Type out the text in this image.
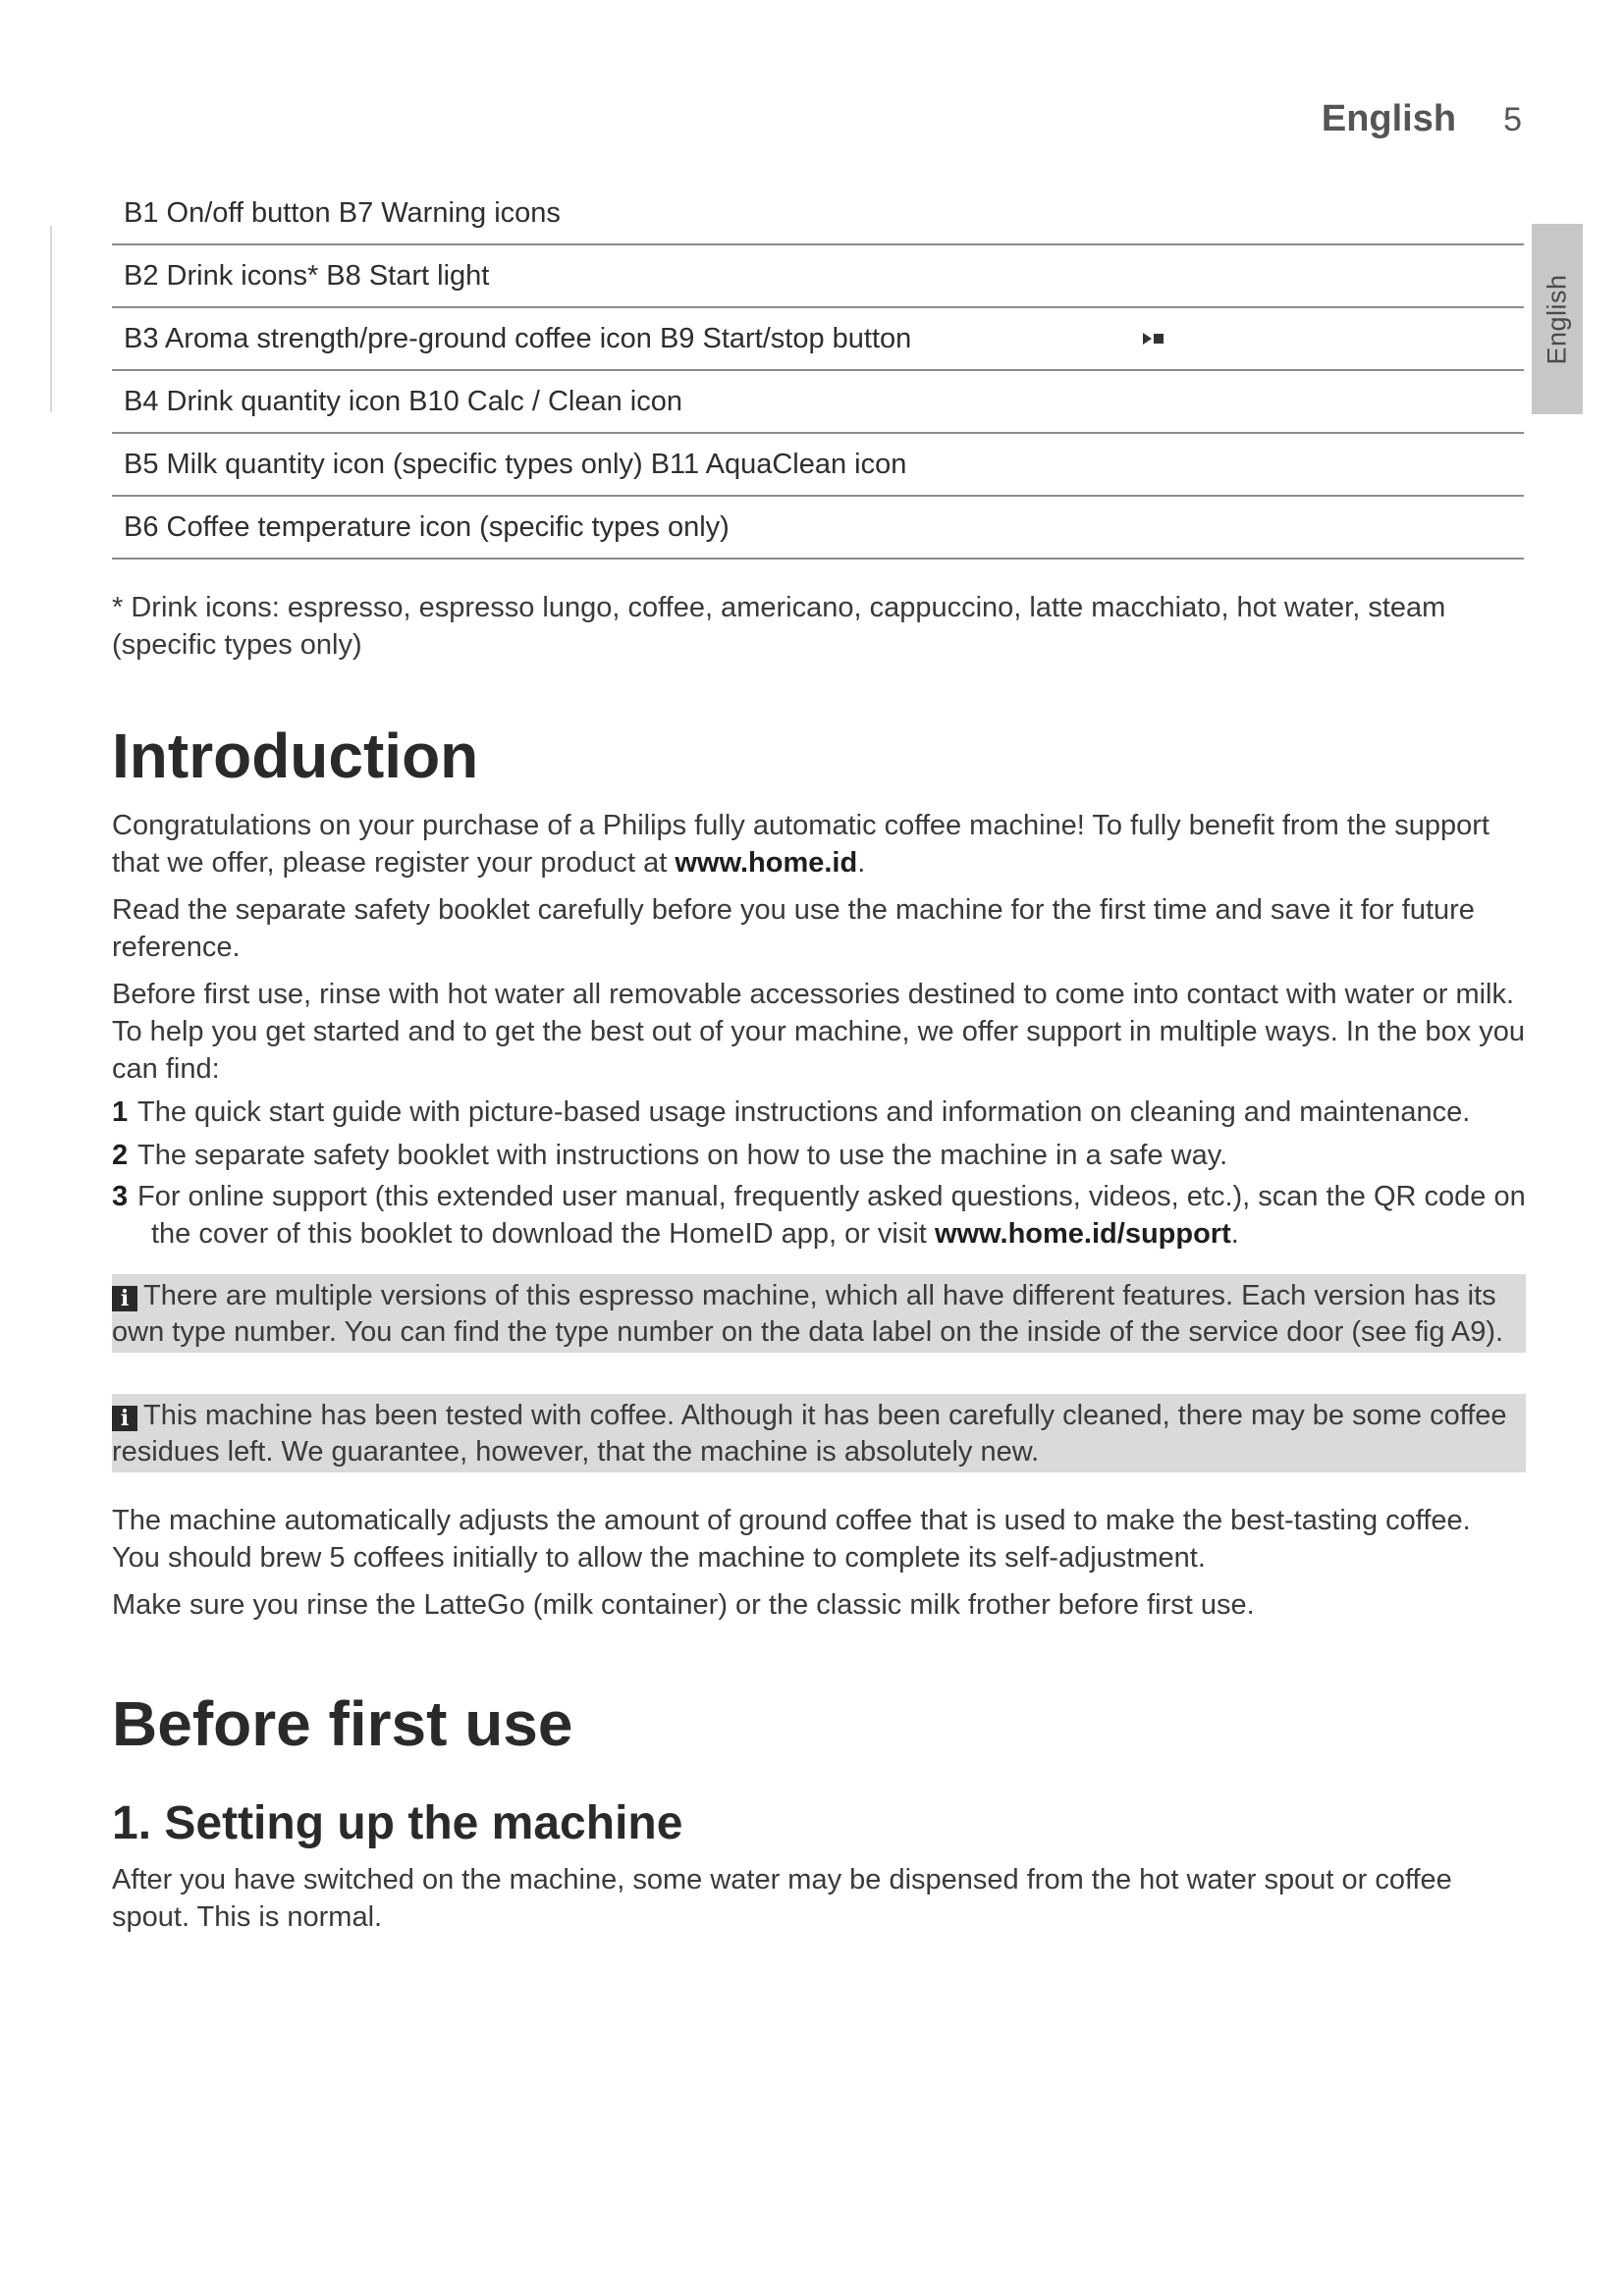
English 5
English
B1 On/off button B7 Warning icons
B2 Drink icons* B8 Start light
B3 Aroma strength/pre-ground coffee icon B9 Start/stop button
B4 Drink quantity icon B10 Calc / Clean icon
B5 Milk quantity icon (specific types only) B11 AquaClean icon
B6 Coffee temperature icon (specific types only)

* Drink icons: espresso, espresso lungo, coffee, americano, cappuccino, latte macchiato, hot water, steam (specific types only)

Introduction

Congratulations on your purchase of a Philips fully automatic coffee machine! To fully benefit from the support that we offer, please register your product at www.home.id.

Read the separate safety booklet carefully before you use the machine for the first time and save it for future reference.

Before first use, rinse with hot water all removable accessories destined to come into contact with water or milk. To help you get started and to get the best out of your machine, we offer support in multiple ways. In the box you can find:

1 The quick start guide with picture-based usage instructions and information on cleaning and maintenance.
2 The separate safety booklet with instructions on how to use the machine in a safe way.
3 For online support (this extended user manual, frequently asked questions, videos, etc.), scan the QR code on the cover of this booklet to download the HomeID app, or visit www.home.id/support.

i There are multiple versions of this espresso machine, which all have different features. Each version has its own type number. You can find the type number on the data label on the inside of the service door (see fig A9).

i This machine has been tested with coffee. Although it has been carefully cleaned, there may be some coffee residues left. We guarantee, however, that the machine is absolutely new.

The machine automatically adjusts the amount of ground coffee that is used to make the best-tasting coffee. You should brew 5 coffees initially to allow the machine to complete its self-adjustment.

Make sure you rinse the LatteGo (milk container) or the classic milk frother before first use.

Before first use
1. Setting up the machine

After you have switched on the machine, some water may be dispensed from the hot water spout or coffee spout. This is normal.
